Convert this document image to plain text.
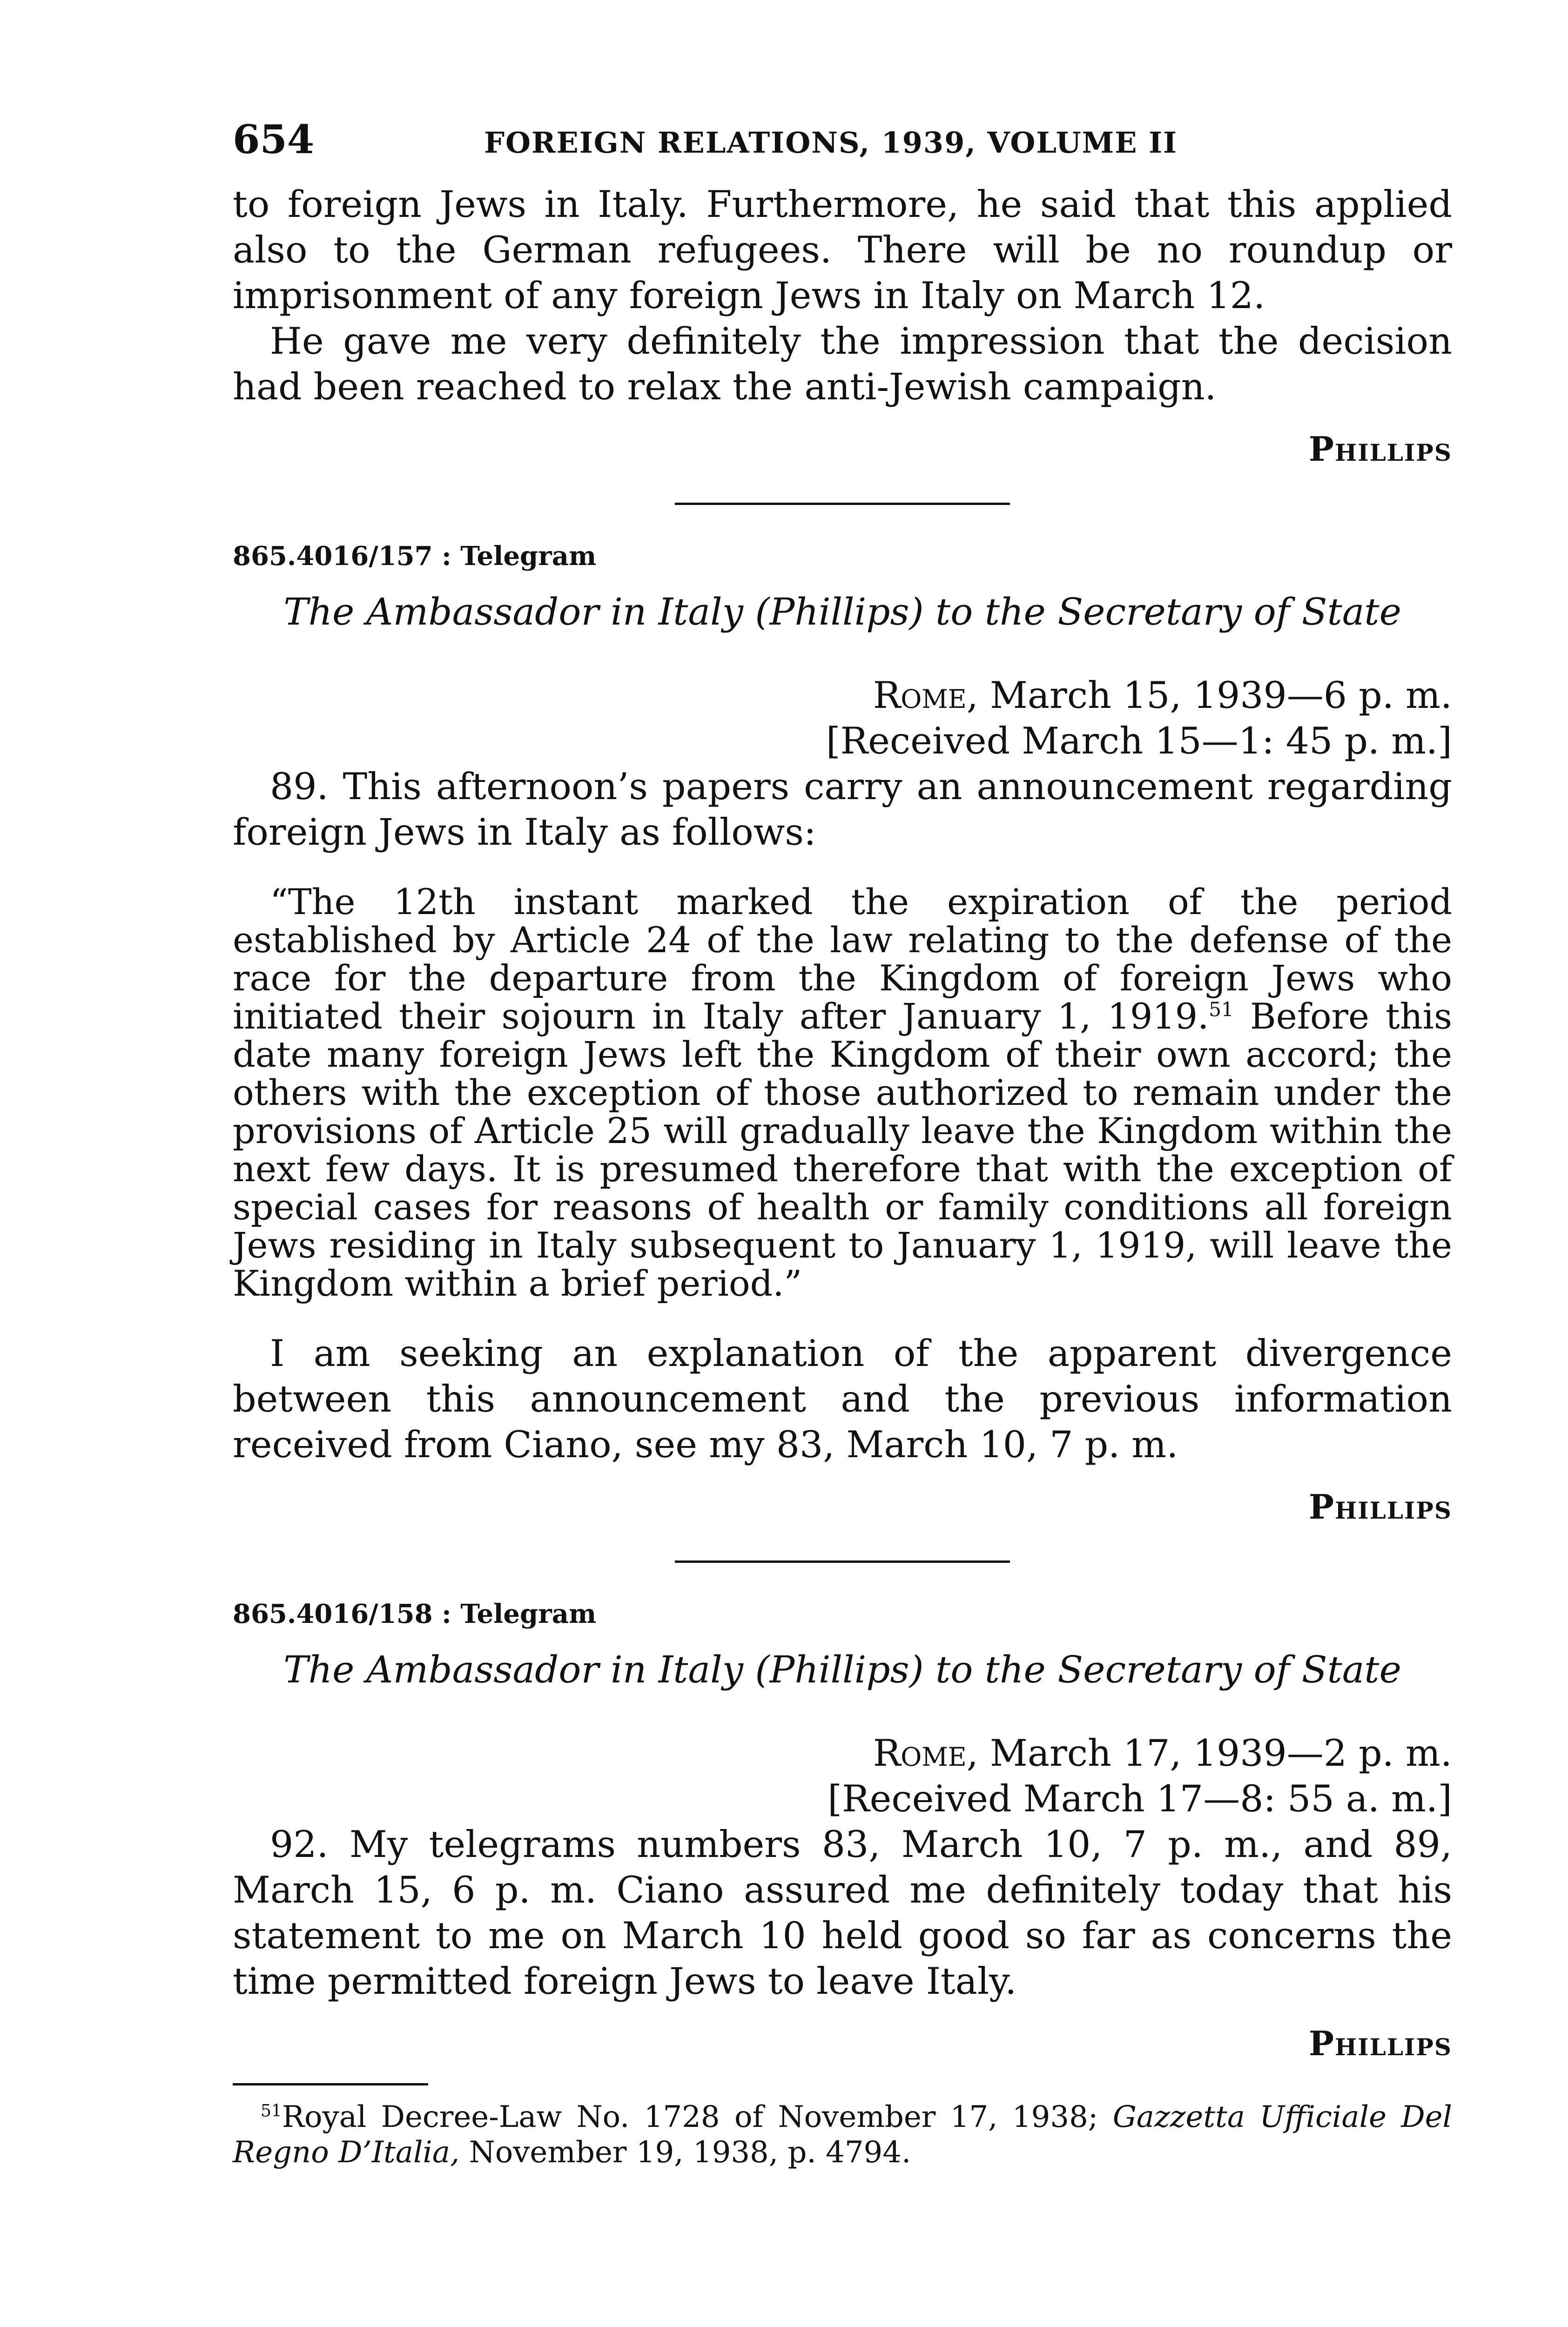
654	FOREIGN RELATIONS, 1939, VOLUME II

to foreign Jews in Italy. Furthermore, he said that this applied also to the German refugees. There will be no roundup or imprisonment of any foreign Jews in Italy on March 12.

He gave me very definitely the impression that the decision had been reached to relax the anti-Jewish campaign.

Phillips
865.4016/157 : Telegram
The Ambassador in Italy (Phillips) to the Secretary of State
Rome, March 15, 1939—6 p. m.
[Received March 15—1: 45 p. m.]

89. This afternoon’s papers carry an announcement regarding foreign Jews in Italy as follows:

“The 12th instant marked the expiration of the period established by Article 24 of the law relating to the defense of the race for the departure from the Kingdom of foreign Jews who initiated their sojourn in Italy after January 1, 1919.51 Before this date many foreign Jews left the Kingdom of their own accord; the others with the exception of those authorized to remain under the provisions of Article 25 will gradually leave the Kingdom within the next few days. It is presumed therefore that with the exception of special cases for reasons of health or family conditions all foreign Jews residing in Italy subsequent to January 1, 1919, will leave the Kingdom within a brief period.”

I am seeking an explanation of the apparent divergence between this announcement and the previous information received from Ciano, see my 83, March 10, 7 p. m.

Phillips
865.4016/158 : Telegram
The Ambassador in Italy (Phillips) to the Secretary of State
Rome, March 17, 1939—2 p. m.
[Received March 17—8: 55 a. m.]

92. My telegrams numbers 83, March 10, 7 p. m., and 89, March 15, 6 p. m. Ciano assured me definitely today that his statement to me on March 10 held good so far as concerns the time permitted foreign Jews to leave Italy.

Phillips
$^{51}$Royal Decree-Law No. 1728 of November 17, 1938; Gazzetta Ufficiale Del Regno D’Italia, November 19, 1938, p. 4794.
